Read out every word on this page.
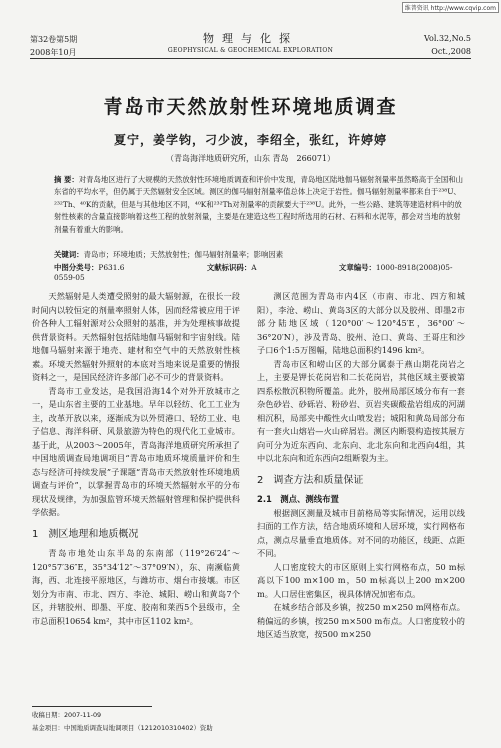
维普资讯 http://www.cqvip.com
第32卷第5期
2008年10月
物理与化探
GEOPHYSICAL & GEOCHEMICAL EXPLORATION
Vol.32,No.5
Oct.,2008
青岛市天然放射性环境地质调查
夏宁，姜学钧，刁少波，李绍全，张红，许婷婷
（青岛海洋地质研究所，山东 青岛　266071）
摘 要：对青岛地区进行了大规模的天然放射性环境地质调查和评价中发现，青岛地区陆地伽马辐射剂量率虽然略高于全国和山东省的平均水平，但仍属于天然辐射安全区域。测区的伽马辐射剂量率值总体上决定于岩性。伽马辐射剂量率都来自于²³⁸U、²³²Th、⁴⁰K的贡献，但是与其他地区不同，⁴⁰K和²³²Th对剂量率的贡献要大于²³⁸U。此外，一些公路、建筑等建造材料中的放射性核素的含量直接影响着这些工程的放射剂量，主要是在建造这些工程时所选用的石材、石料和水泥等，都会对当地的放射剂量有着重大的影响。
关键词：青岛市；环境地质；天然放射性；伽马辐射剂量率；影响因素
中图分类号：P631.6	文献标识码：A	文章编号：1000-8918(2008)05-0559-05

天然辐射是人类遭受照射的最大辐射源，在很长一段时间内以较恒定的剂量率照射人体，因而经常被应用于评价各种人工辐射源对公众照射的基准，并为处理核事故提供背景资料。天然辐射包括陆地伽马辐射和宇宙射线。陆地伽马辐射来源于地壳、建材和空气中的天然放射性核素。环境天然辐射外照射的本底对当地来说是重要的情报资料之一，是国民经济许多部门必不可少的背景资料。

青岛市工业发达，是我国沿海14个对外开放城市之一，是山东省主要的工业基地。早年以轻纺、化工工业为主，改革开放以来，逐渐成为以外贸港口、轻纺工业、电子信息、海洋科研、风景旅游为特色的现代化工业城市。基于此，从2003～2005年，青岛海洋地质研究所承担了中国地质调查局地调项目“青岛市地质环境质量评价和生态与经济可持续发展”子课题“青岛市天然放射性环境地质调查与评价”，以掌握青岛市的环境天然辐射水平的分布现状及规律，为加强监管环境天然辐射管理和保护提供科学依据。

1　测区地理和地质概况

青岛市地处山东半岛的东南部（119°26′24″～120°57′36″E，35°34′12″～37°09′N），东、南濒临黄海，西、北连接平原地区，与潍坊市、烟台市接壤。市区划分为市南、市北、四方、李沧、城阳、崂山和黄岛7个区，并辖胶州、即墨、平度、胶南和莱西5个县级市，全市总面积10654 km²，其中市区1102 km²。

测区范围为青岛市内4区（市南、市北、四方和城阳），李沧、崂山、黄岛3区的大部分以及胶州、即墨2市部分陆地区域（120°00′～120°45′E，36°00′～36°20′N），涉及青岛、胶州、沧口、黄岛、王哥庄和沙子口6个1:5万图幅，陆地总面积约1496 km²。

青岛市区和崂山区的大部分属泰于燕山期花岗岩之上，主要是钾长花岗岩和二长花岗岩，其他区域主要被第四系松散沉积物所覆盖。此外，胶州局部区域分布有一套杂色砂岩、砂砾岩、粉砂岩、页岩夹碳酸盐岩组成的河湖相沉积，局部夹中酸性火山喷发岩；城阳和黄岛局部分布有一套火山熔岩—火山碎屑岩。测区内断裂构造按其展方向可分为近东西向、北东向、北北东向和北西向4组，其中以北东向和近东西向2组断裂为主。

2　调查方法和质量保证
2.1　测点、测线布置

根据测区测量及城市目前格局等实际情况，运用以线扫面的工作方法，结合地质环境和人居环境，实行网格布点，测点尽量垂直地质体。对不同的功能区，线距、点距不同。

人口密度较大的市区原则上实行网格布点，50 m标高以下100 m×100 m，50 m标高以上200 m×200 m。人口居住密集区，视具体情况加密布点。

在城乡结合部及乡镇，按250 m×250 m网格布点。稍偏远的乡镇，按250 m×500 m布点。人口密度较小的地区适当放宽，按500 m×250

收稿日期：2007-11-09
基金项目：中国地质调查局地调项目（1212010310402）资助
